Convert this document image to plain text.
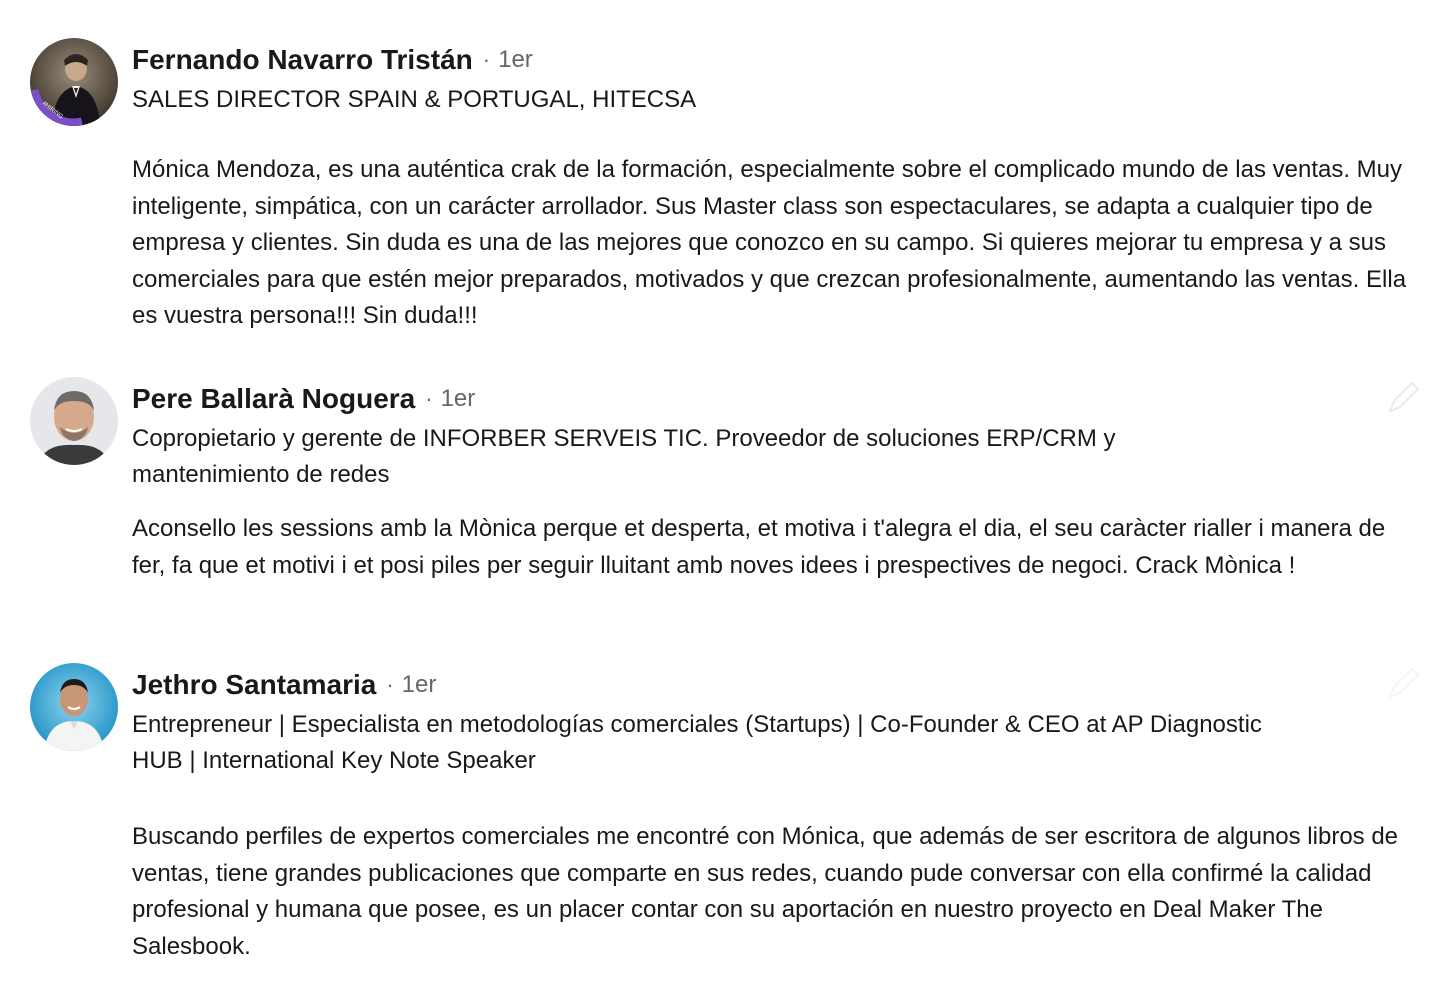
#HIRING
Fernando Navarro Tristán · 1er
SALES DIRECTOR SPAIN & PORTUGAL, HITECSA
Mónica Mendoza, es una auténtica crak de la formación, especialmente sobre el complicado mundo de las ventas. Muy inteligente, simpática, con un carácter arrollador. Sus Master class son espectaculares, se adapta a cualquier tipo de empresa y clientes. Sin duda es una de las mejores que conozco en su campo. Si quieres mejorar tu empresa y a sus comerciales para que estén mejor preparados, motivados y que crezcan profesionalmente, aumentando las ventas. Ella es vuestra persona!!! Sin duda!!!
Pere Ballarà Noguera · 1er
Copropietario y gerente de INFORBER SERVEIS TIC. Proveedor de soluciones ERP/CRM y mantenimiento de redes
Aconsello les sessions amb la Mònica perque et desperta, et motiva i t'alegra el dia, el seu caràcter rialler i manera de fer, fa que et motivi i et posi piles per seguir lluitant amb noves idees i prespectives de negoci. Crack Mònica !
Jethro Santamaria · 1er
Entrepreneur | Especialista en metodologías comerciales (Startups) | Co-Founder & CEO at AP Diagnostic HUB | International Key Note Speaker
Buscando perfiles de expertos comerciales me encontré con Mónica, que además de ser escritora de algunos libros de ventas, tiene grandes publicaciones que comparte en sus redes, cuando pude conversar con ella confirmé la calidad profesional y humana que posee, es un placer contar con su aportación en nuestro proyecto en Deal Maker The Salesbook.
